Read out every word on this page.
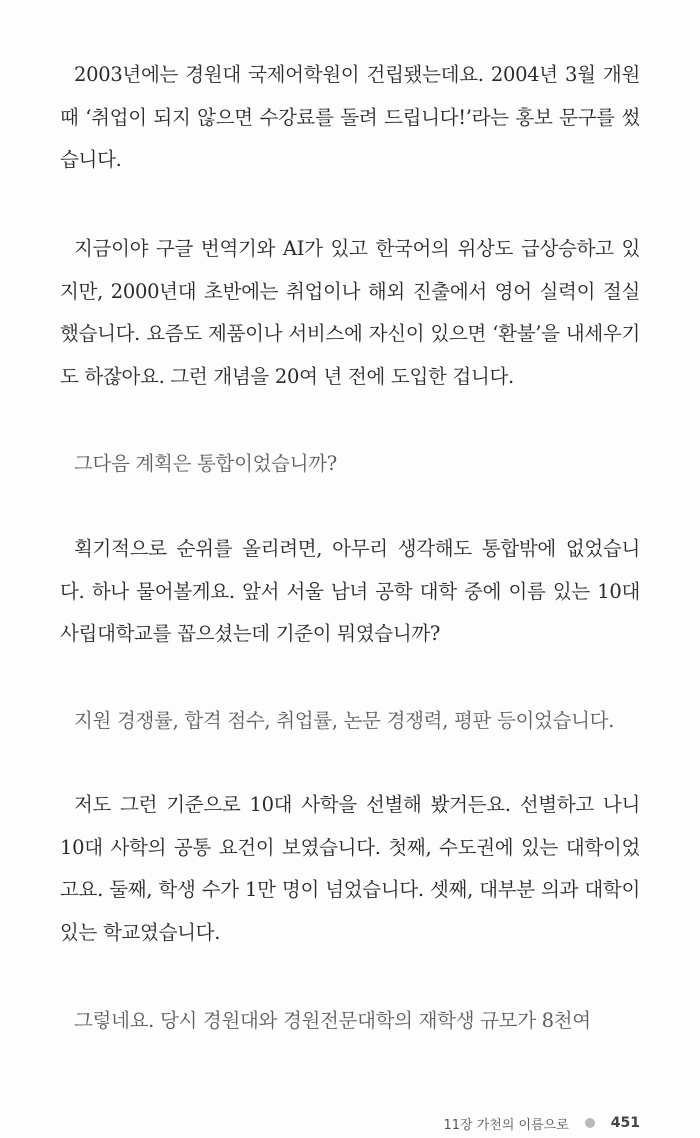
2003년에는 경원대 국제어학원이 건립됐는데요. 2004년 3월 개원 때 ‘취업이 되지 않으면 수강료를 돌려 드립니다!’라는 홍보 문구를 썼습니다.

지금이야 구글 번역기와 AI가 있고 한국어의 위상도 급상승하고 있지만, 2000년대 초반에는 취업이나 해외 진출에서 영어 실력이 절실했습니다. 요즘도 제품이나 서비스에 자신이 있으면 ‘환불’을 내세우기도 하잖아요. 그런 개념을 20여 년 전에 도입한 겁니다.

그다음 계획은 통합이었습니까?

획기적으로 순위를 올리려면, 아무리 생각해도 통합밖에 없었습니다. 하나 물어볼게요. 앞서 서울 남녀 공학 대학 중에 이름 있는 10대 사립대학교를 꼽으셨는데 기준이 뭐였습니까?

지원 경쟁률, 합격 점수, 취업률, 논문 경쟁력, 평판 등이었습니다.

저도 그런 기준으로 10대 사학을 선별해 봤거든요. 선별하고 나니 10대 사학의 공통 요건이 보였습니다. 첫째, 수도권에 있는 대학이었고요. 둘째, 학생 수가 1만 명이 넘었습니다. 셋째, 대부분 의과 대학이 있는 학교였습니다.

그렇네요. 당시 경원대와 경원전문대학의 재학생 규모가 8천여

11장 가천의 이름으로	451
